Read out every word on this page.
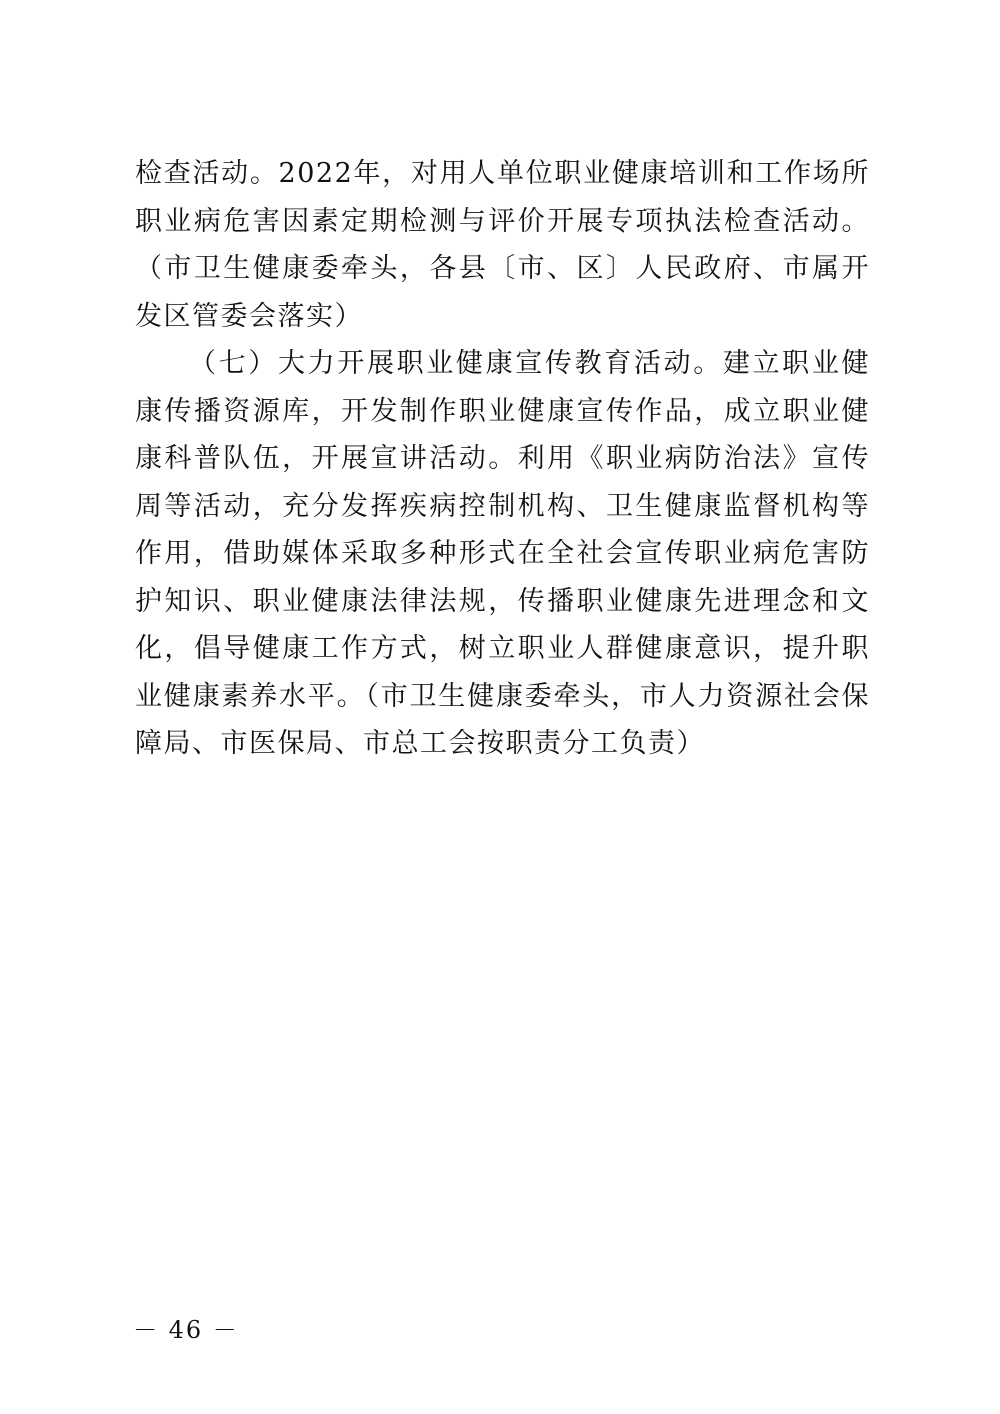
检查活动。2022年，对用人单位职业健康培训和工作场所职业病危害因素定期检测与评价开展专项执法检查活动。（市卫生健康委牵头，各县〔市、区〕人民政府、市属开发区管委会落实）

（七）大力开展职业健康宣传教育活动。建立职业健康传播资源库，开发制作职业健康宣传作品，成立职业健康科普队伍，开展宣讲活动。利用《职业病防治法》宣传周等活动，充分发挥疾病控制机构、卫生健康监督机构等作用，借助媒体采取多种形式在全社会宣传职业病危害防护知识、职业健康法律法规，传播职业健康先进理念和文化，倡导健康工作方式，树立职业人群健康意识，提升职业健康素养水平。（市卫生健康委牵头，市人力资源社会保障局、市医保局、市总工会按职责分工负责）

－ 46 －
